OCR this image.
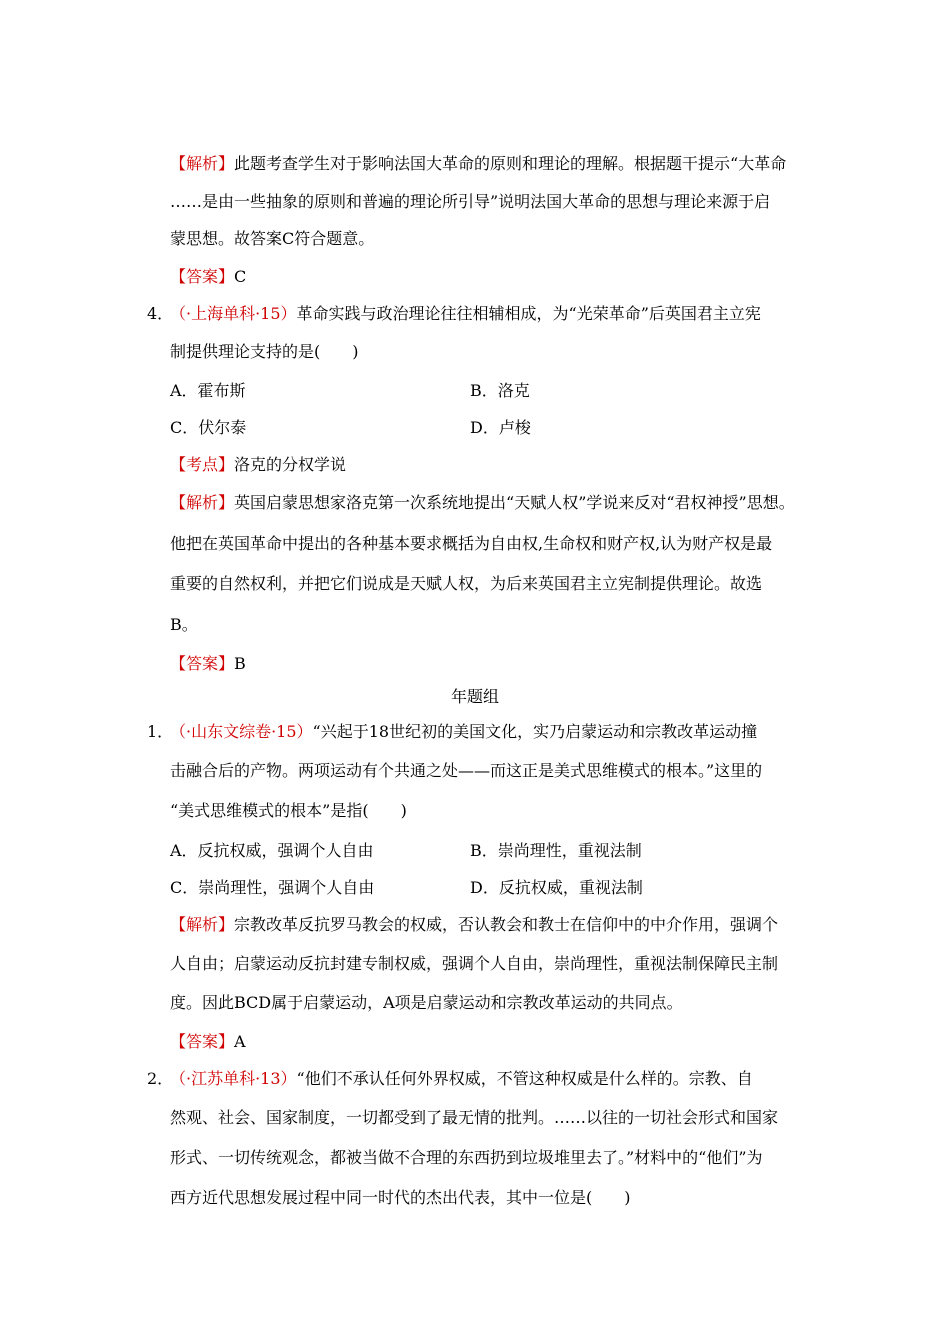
【解析】此题考查学生对于影响法国大革命的原则和理论的理解。根据题干提示“大革命
……是由一些抽象的原则和普遍的理论所引导”说明法国大革命的思想与理论来源于启
蒙思想。故答案C符合题意。
【答案】C
4．
（·上海单科·15）革命实践与政治理论往往相辅相成，为“光荣革命”后英国君主立宪
制提供理论支持的是(　　)
A．霍布斯	B．洛克
C．伏尔泰	D．卢梭
【考点】洛克的分权学说
【解析】英国启蒙思想家洛克第一次系统地提出“天赋人权”学说来反对“君权神授”思想。
他把在英国革命中提出的各种基本要求概括为自由权,生命权和财产权,认为财产权是最
重要的自然权利，并把它们说成是天赋人权，为后来英国君主立宪制提供理论。故选
B。
【答案】B
年题组
1．
（·山东文综卷·15）“兴起于18世纪初的美国文化，实乃启蒙运动和宗教改革运动撞
击融合后的产物。两项运动有个共通之处——而这正是美式思维模式的根本。”这里的
“美式思维模式的根本”是指(　　)
A．反抗权威，强调个人自由	B．崇尚理性，重视法制
C．崇尚理性，强调个人自由	D．反抗权威，重视法制
【解析】宗教改革反抗罗马教会的权威，否认教会和教士在信仰中的中介作用，强调个
人自由；启蒙运动反抗封建专制权威，强调个人自由，崇尚理性，重视法制保障民主制
度。因此BCD属于启蒙运动，A项是启蒙运动和宗教改革运动的共同点。
【答案】A
2．
（·江苏单科·13）“他们不承认任何外界权威，不管这种权威是什么样的。宗教、自
然观、社会、国家制度，一切都受到了最无情的批判。……以往的一切社会形式和国家
形式、一切传统观念，都被当做不合理的东西扔到垃圾堆里去了。”材料中的“他们”为
西方近代思想发展过程中同一时代的杰出代表，其中一位是(　　)
